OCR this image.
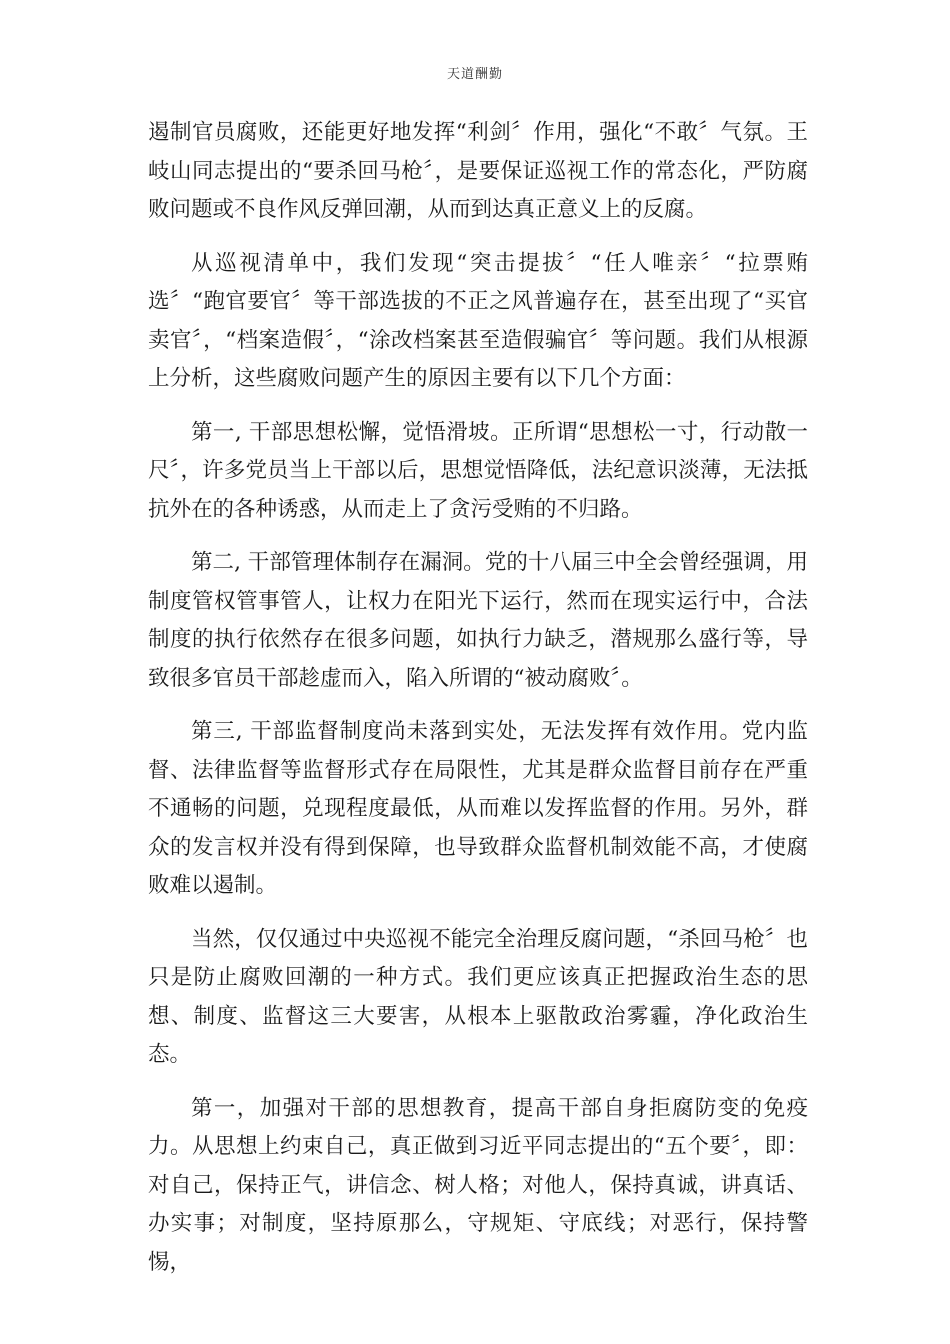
天道酬勤

遏制官员腐败，还能更好地发挥“利剑〞作用，强化“不敢〞气氛。王岐山同志提出的“要杀回马枪〞，是要保证巡视工作的常态化，严防腐败问题或不良作风反弹回潮，从而到达真正意义上的反腐。

从巡视清单中，我们发现“突击提拔〞“任人唯亲〞“拉票贿选〞“跑官要官〞等干部选拔的不正之风普遍存在，甚至出现了“买官卖官〞，“档案造假〞，“涂改档案甚至造假骗官〞等问题。我们从根源上分析，这些腐败问题产生的原因主要有以下几个方面：

第一, 干部思想松懈，觉悟滑坡。正所谓“思想松一寸，行动散一尺〞，许多党员当上干部以后，思想觉悟降低，法纪意识淡薄，无法抵抗外在的各种诱惑，从而走上了贪污受贿的不归路。

第二, 干部管理体制存在漏洞。党的十八届三中全会曾经强调，用制度管权管事管人，让权力在阳光下运行，然而在现实运行中，合法制度的执行依然存在很多问题，如执行力缺乏，潜规那么盛行等，导致很多官员干部趁虚而入，陷入所谓的“被动腐败〞。

第三, 干部监督制度尚未落到实处，无法发挥有效作用。党内监督、法律监督等监督形式存在局限性，尤其是群众监督目前存在严重不通畅的问题，兑现程度最低，从而难以发挥监督的作用。另外，群众的发言权并没有得到保障，也导致群众监督机制效能不高，才使腐败难以遏制。

当然，仅仅通过中央巡视不能完全治理反腐问题，“杀回马枪〞也只是防止腐败回潮的一种方式。我们更应该真正把握政治生态的思想、制度、监督这三大要害，从根本上驱散政治雾霾，净化政治生态。

第一，加强对干部的思想教育，提高干部自身拒腐防变的免疫力。从思想上约束自己，真正做到习近平同志提出的“五个要〞，即：对自己，保持正气，讲信念、树人格；对他人，保持真诚，讲真话、办实事；对制度，坚持原那么，守规矩、守底线；对恶行，保持警惕，
